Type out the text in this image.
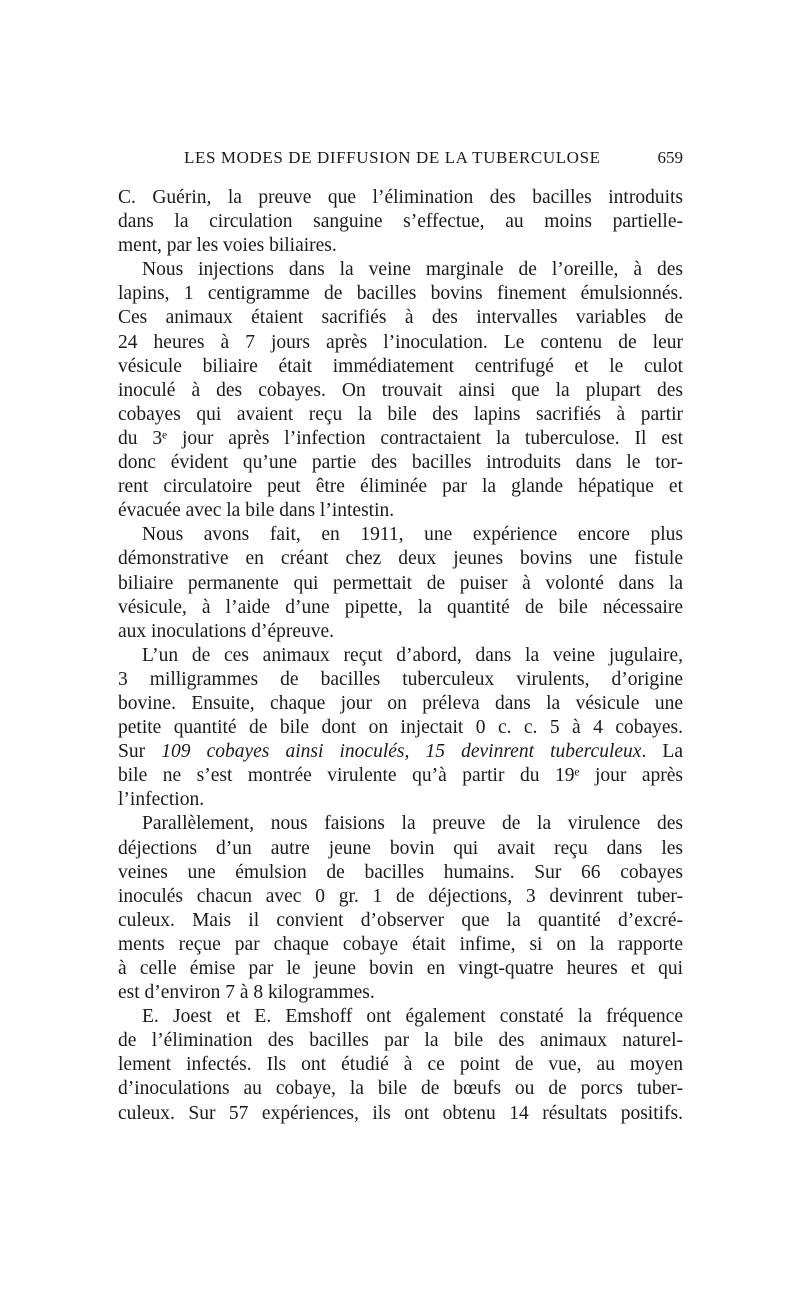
LES MODES DE DIFFUSION DE LA TUBERCULOSE	659
C. Guérin, la preuve que l’élimination des bacilles introduits
dans la circulation sanguine s’effectue, au moins partielle-
ment, par les voies biliaires.
Nous injections dans la veine marginale de l’oreille, à des
lapins, 1 centigramme de bacilles bovins finement émulsionnés.
Ces animaux étaient sacrifiés à des intervalles variables de
24 heures à 7 jours après l’inoculation. Le contenu de leur
vésicule biliaire était immédiatement centrifugé et le culot
inoculé à des cobayes. On trouvait ainsi que la plupart des
cobayes qui avaient reçu la bile des lapins sacrifiés à partir
du 3ᵉ jour après l’infection contractaient la tuberculose. Il est
donc évident qu’une partie des bacilles introduits dans le tor-
rent circulatoire peut être éliminée par la glande hépatique et
évacuée avec la bile dans l’intestin.
Nous avons fait, en 1911, une expérience encore plus
démonstrative en créant chez deux jeunes bovins une fistule
biliaire permanente qui permettait de puiser à volonté dans la
vésicule, à l’aide d’une pipette, la quantité de bile nécessaire
aux inoculations d’épreuve.
L’un de ces animaux reçut d’abord, dans la veine jugulaire,
3 milligrammes de bacilles tuberculeux virulents, d’origine
bovine. Ensuite, chaque jour on préleva dans la vésicule une
petite quantité de bile dont on injectait 0 c. c. 5 à 4 cobayes.
Sur 109 cobayes ainsi inoculés, 15 devinrent tuberculeux. La
bile ne s’est montrée virulente qu’à partir du 19ᵉ jour après
l’infection.
Parallèlement, nous faisions la preuve de la virulence des
déjections d’un autre jeune bovin qui avait reçu dans les
veines une émulsion de bacilles humains. Sur 66 cobayes
inoculés chacun avec 0 gr. 1 de déjections, 3 devinrent tuber-
culeux. Mais il convient d’observer que la quantité d’excré-
ments reçue par chaque cobaye était infime, si on la rapporte
à celle émise par le jeune bovin en vingt-quatre heures et qui
est d’environ 7 à 8 kilogrammes.
E. Joest et E. Emshoff ont également constaté la fréquence
de l’élimination des bacilles par la bile des animaux naturel-
lement infectés. Ils ont étudié à ce point de vue, au moyen
d’inoculations au cobaye, la bile de bœufs ou de porcs tuber-
culeux. Sur 57 expériences, ils ont obtenu 14 résultats positifs.
